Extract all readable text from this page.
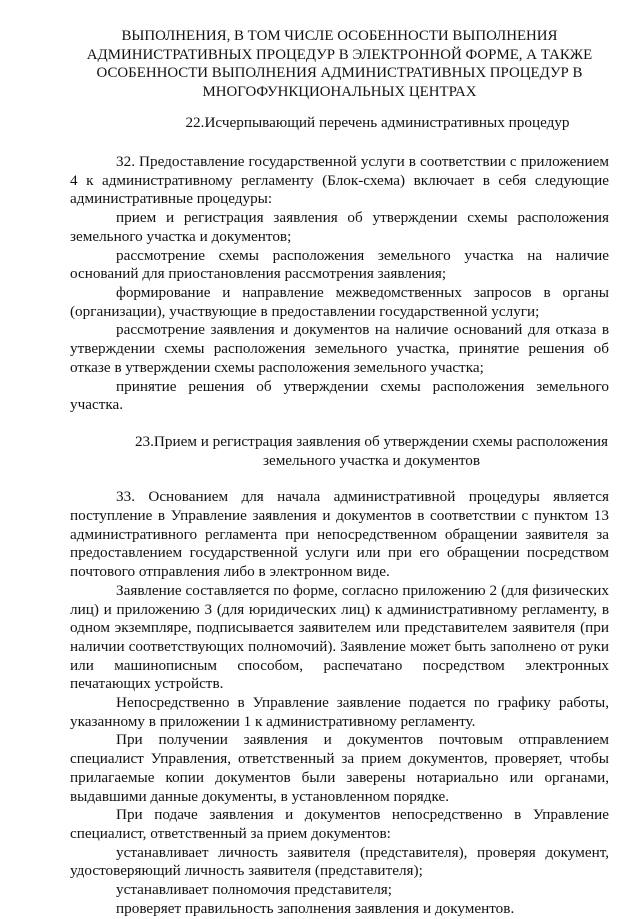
ВЫПОЛНЕНИЯ, В ТОМ ЧИСЛЕ ОСОБЕННОСТИ ВЫПОЛНЕНИЯ
АДМИНИСТРАТИВНЫХ ПРОЦЕДУР В ЭЛЕКТРОННОЙ ФОРМЕ, А ТАКЖЕ
ОСОБЕННОСТИ ВЫПОЛНЕНИЯ АДМИНИСТРАТИВНЫХ ПРОЦЕДУР В
МНОГОФУНКЦИОНАЛЬНЫХ ЦЕНТРАХ
22.Исчерпывающий перечень административных процедур

32. Предоставление государственной услуги в соответствии с приложением 4 к административному регламенту (Блок-схема) включает в себя следующие административные процедуры:

прием и регистрация заявления об утверждении схемы расположения земельного участка и документов;

рассмотрение схемы расположения земельного участка на наличие оснований для приостановления рассмотрения заявления;

формирование и направление межведомственных запросов в органы (организации), участвующие в предоставлении государственной услуги;

рассмотрение заявления и документов на наличие оснований для отказа в утверждении схемы расположения земельного участка, принятие решения об отказе в утверждении схемы расположения земельного участка;

принятие решения об утверждении схемы расположения земельного участка.

23.Прием и регистрация заявления об утверждении схемы расположения
земельного участка и документов

33. Основанием для начала административной процедуры является поступление в Управление заявления и документов в соответствии с пунктом 13 административного регламента при непосредственном обращении заявителя за предоставлением государственной услуги или при его обращении посредством почтового отправления либо в электронном виде.

Заявление составляется по форме, согласно приложению 2 (для физических лиц) и приложению 3 (для юридических лиц) к административному регламенту, в одном экземпляре, подписывается заявителем или представителем заявителя (при наличии соответствующих полномочий). Заявление может быть заполнено от руки или машинописным способом, распечатано посредством электронных печатающих устройств.

Непосредственно в Управление заявление подается по графику работы, указанному в приложении 1 к административному регламенту.

При получении заявления и документов почтовым отправлением специалист Управления, ответственный за прием документов, проверяет, чтобы прилагаемые копии документов были заверены нотариально или органами, выдавшими данные документы, в установленном порядке.

При подаче заявления и документов непосредственно в Управление специалист, ответственный за прием документов:

устанавливает личность заявителя (представителя), проверяя документ, удостоверяющий личность заявителя (представителя);

устанавливает полномочия представителя;

проверяет правильность заполнения заявления и документов.
